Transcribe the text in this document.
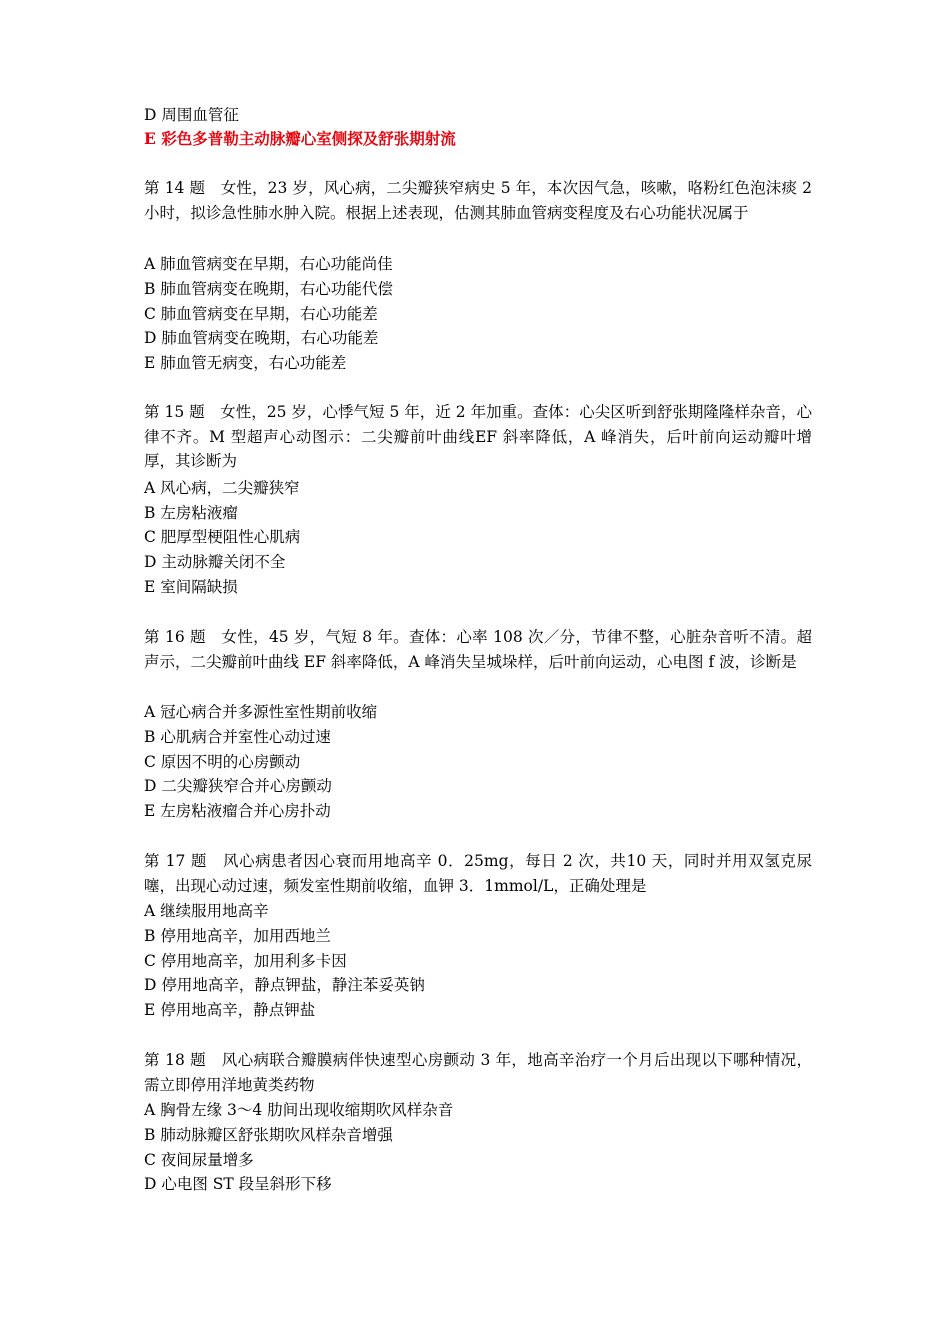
D 周围血管征
E 彩色多普勒主动脉瓣心室侧探及舒张期射流
第 14 题　女性，23 岁，风心病，二尖瓣狭窄病史 5 年，本次因气急，咳嗽，咯粉红色泡沫痰 2 小时，拟诊急性肺水肿入院。根据上述表现，估测其肺血管病变程度及右心功能状况属于
A 肺血管病变在早期，右心功能尚佳
B 肺血管病变在晚期，右心功能代偿
C 肺血管病变在早期，右心功能差
D 肺血管病变在晚期，右心功能差
E 肺血管无病变，右心功能差
第 15 题　女性，25 岁，心悸气短 5 年，近 2 年加重。查体：心尖区听到舒张期隆隆样杂音，心律不齐。M 型超声心动图示：二尖瓣前叶曲线EF 斜率降低，A 峰消失，后叶前向运动瓣叶增厚，其诊断为
A 风心病，二尖瓣狭窄
B 左房粘液瘤
C 肥厚型梗阻性心肌病
D 主动脉瓣关闭不全
E 室间隔缺损
第 16 题　女性，45 岁，气短 8 年。查体：心率 108 次／分，节律不整，心脏杂音听不清。超声示，二尖瓣前叶曲线 EF 斜率降低，A 峰消失呈城垛样，后叶前向运动，心电图 f 波，诊断是
A 冠心病合并多源性室性期前收缩
B 心肌病合并室性心动过速
C 原因不明的心房颤动
D 二尖瓣狭窄合并心房颤动
E 左房粘液瘤合并心房扑动
第 17 题　风心病患者因心衰而用地高辛 0．25mg，每日 2 次，共10 天，同时并用双氢克尿噻，出现心动过速，频发室性期前收缩，血钾 3．1mmol/L，正确处理是
A 继续服用地高辛
B 停用地高辛，加用西地兰
C 停用地高辛，加用利多卡因
D 停用地高辛，静点钾盐，静注苯妥英钠
E 停用地高辛，静点钾盐
第 18 题　风心病联合瓣膜病伴快速型心房颤动 3 年，地高辛治疗一个月后出现以下哪种情况，需立即停用洋地黄类药物
A 胸骨左缘 3～4 肋间出现收缩期吹风样杂音
B 肺动脉瓣区舒张期吹风样杂音增强
C 夜间尿量增多
D 心电图 ST 段呈斜形下移
